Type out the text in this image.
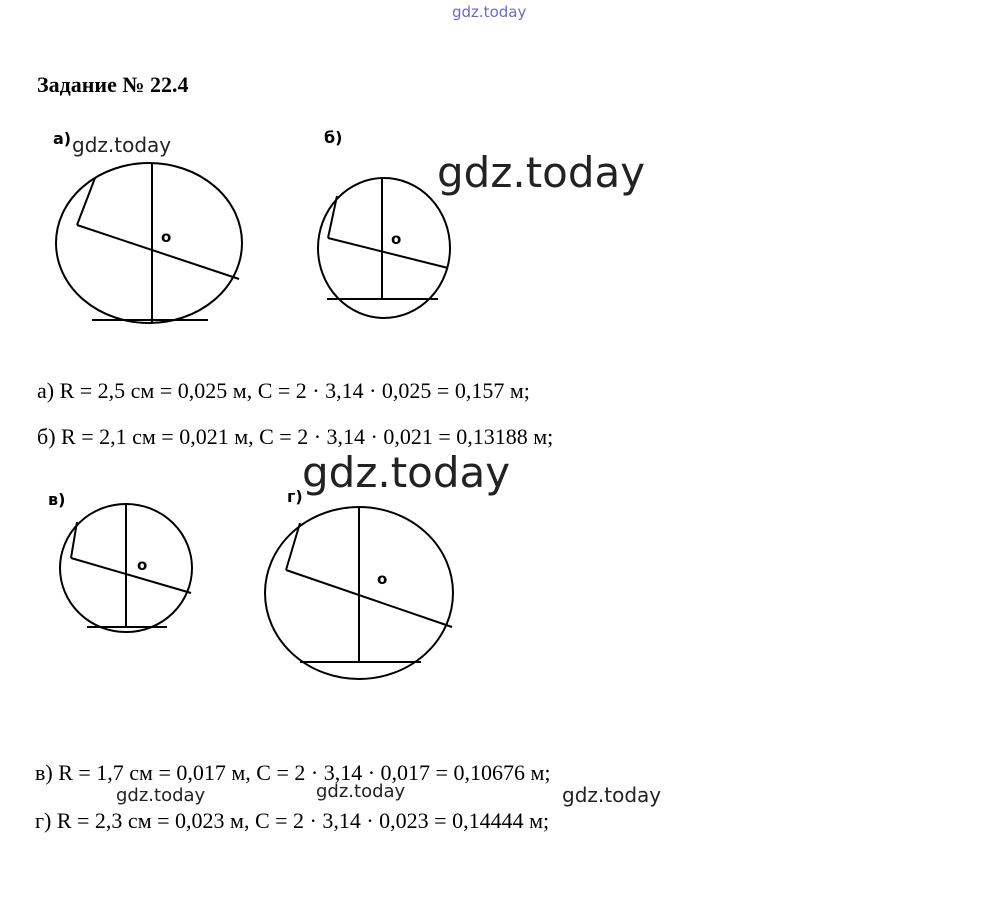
gdz.today
Задание № 22.4
а) gdz.today
o
б)
o
gdz.today
а) R = 2,5 см = 0,025 м, С = 2 · 3,14 · 0,025 = 0,157 м;
б) R = 2,1 см = 0,021 м, С = 2 · 3,14 · 0,021 = 0,13188 м;
gdz.today
в)
o
г)
o
в) R = 1,7 см = 0,017 м, С = 2 · 3,14 · 0,017 = 0,10676 м;
gdz.today	gdz.today	gdz.today
г) R = 2,3 см = 0,023 м, С = 2 · 3,14 · 0,023 = 0,14444 м;
